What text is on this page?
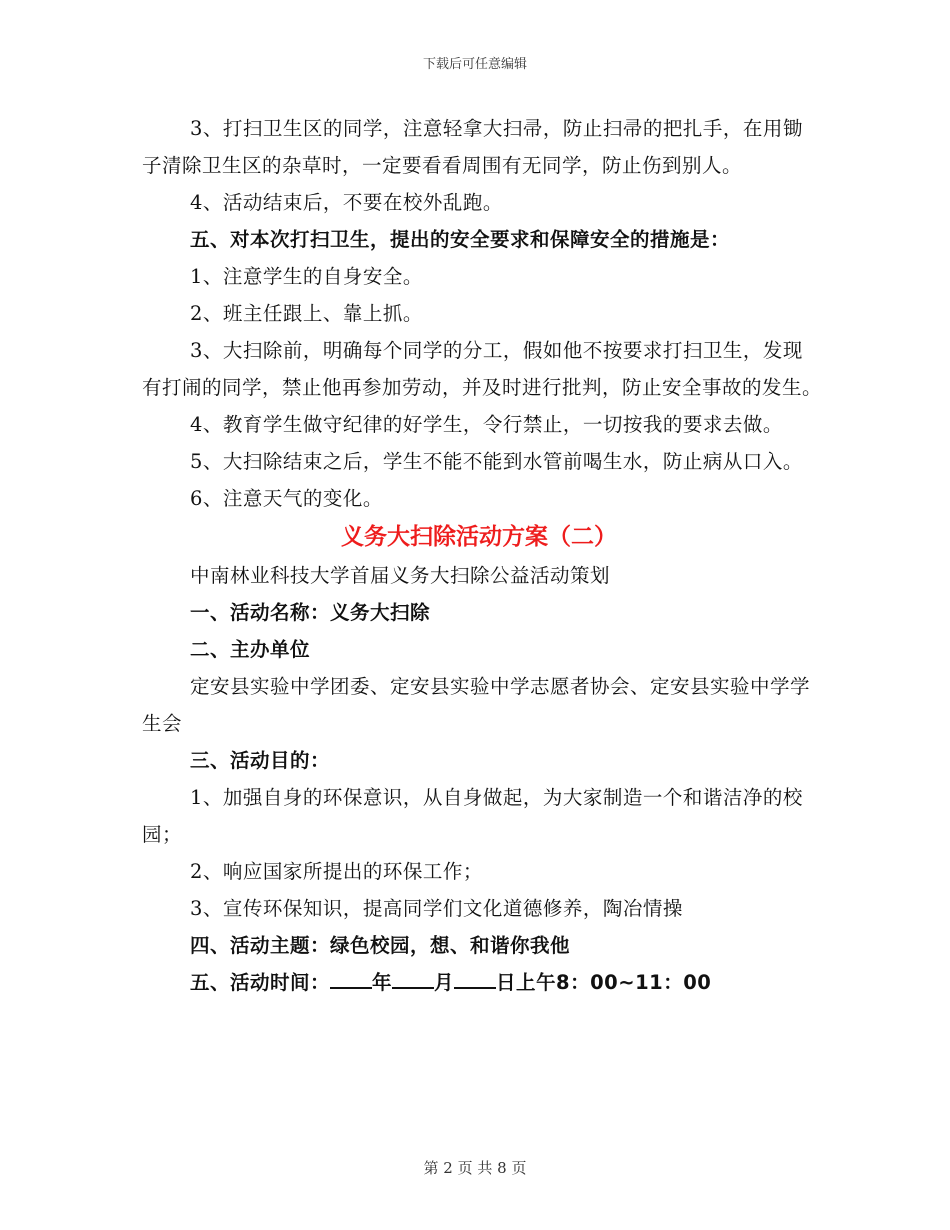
下载后可任意编辑

3、打扫卫生区的同学，注意轻拿大扫帚，防止扫帚的把扎手，在用锄子清除卫生区的杂草时，一定要看看周围有无同学，防止伤到别人。

4、活动结束后，不要在校外乱跑。

五、对本次打扫卫生，提出的安全要求和保障安全的措施是：

1、注意学生的自身安全。

2、班主任跟上、靠上抓。

3、大扫除前，明确每个同学的分工，假如他不按要求打扫卫生，发现有打闹的同学，禁止他再参加劳动，并及时进行批判，防止安全事故的发生。

4、教育学生做守纪律的好学生，令行禁止，一切按我的要求去做。

5、大扫除结束之后，学生不能不能到水管前喝生水，防止病从口入。

6、注意天气的变化。

义务大扫除活动方案（二）

中南林业科技大学首届义务大扫除公益活动策划

一、活动名称：义务大扫除

二、主办单位

定安县实验中学团委、定安县实验中学志愿者协会、定安县实验中学学生会

三、活动目的：

1、加强自身的环保意识，从自身做起，为大家制造一个和谐洁净的校园；

2、响应国家所提出的环保工作；

3、宣传环保知识，提高同学们文化道德修养，陶冶情操

四、活动主题：绿色校园，想、和谐你我他

五、活动时间： 年 月 日上午8：00~11：00

第 2 页 共 8 页
